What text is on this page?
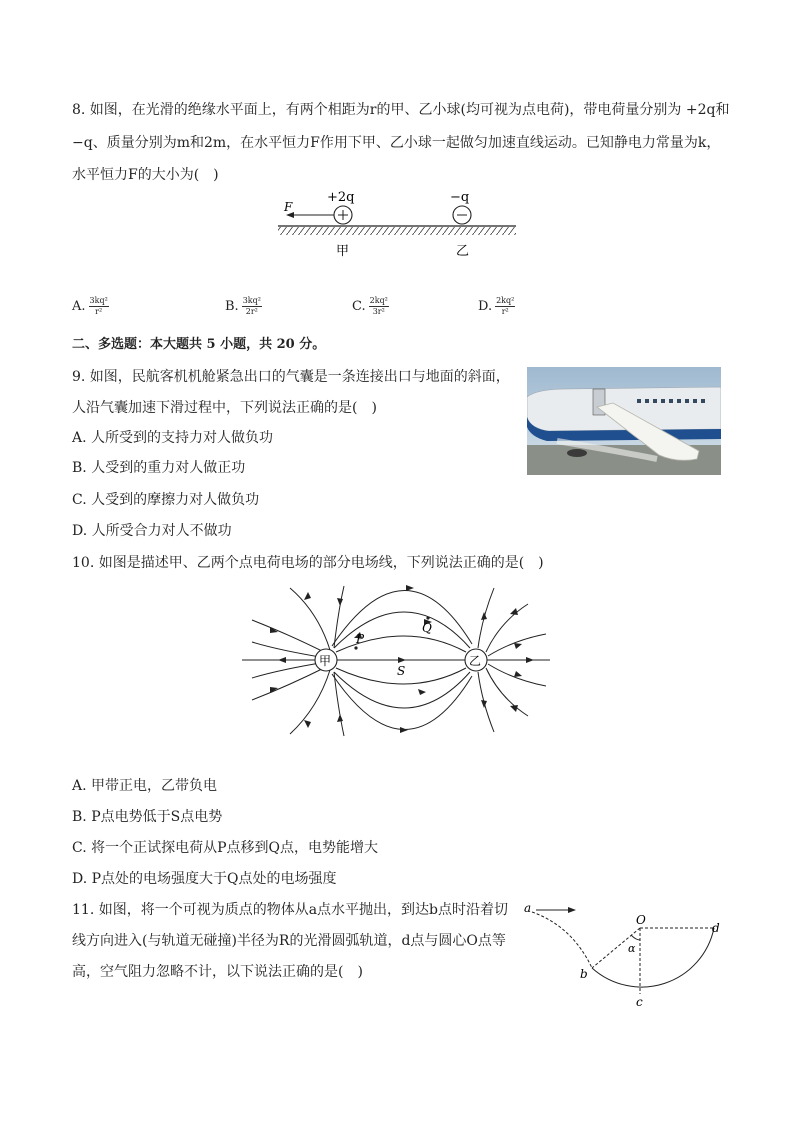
8. 如图，在光滑的绝缘水平面上，有两个相距为r的甲、乙小球(均可视为点电荷)，带电荷量分别为 +2q和
−q、质量分别为m和2m，在水平恒力F作用下甲、乙小球一起做匀加速直线运动。已知静电力常量为k，
水平恒力F的大小为(　)
F
+2q	−q
甲	乙
A. $\frac{\text{3kq²}}{\text{r²}}$	B. $\frac{\text{3kq²}}{\text{2r²}}$	C. $\frac{\text{2kq²}}{\text{3r²}}$	D. $\frac{\text{2kq²}}{\text{r²}}$
二、多选题：本大题共 5 小题，共 20 分。
9. 如图，民航客机机舱紧急出口的气囊是一条连接出口与地面的斜面，
人沿气囊加速下滑过程中，下列说法正确的是(　)
A. 人所受到的支持力对人做负功
B. 人受到的重力对人做正功
C. 人受到的摩擦力对人做负功
D. 人所受合力对人不做功
10. 如图是描述甲、乙两个点电荷电场的部分电场线，下列说法正确的是(　)
甲	乙
P
Q
S
A. 甲带正电，乙带负电
B. P点电势低于S点电势
C. 将一个正试探电荷从P点移到Q点，电势能增大
D. P点处的电场强度大于Q点处的电场强度
11. 如图，将一个可视为质点的物体从a点水平抛出，到达b点时沿着切
线方向进入(与轨道无碰撞)半径为R的光滑圆弧轨道，d点与圆心O点等
高，空气阻力忽略不计，以下说法正确的是(　)
a
O
d
α
b
c
